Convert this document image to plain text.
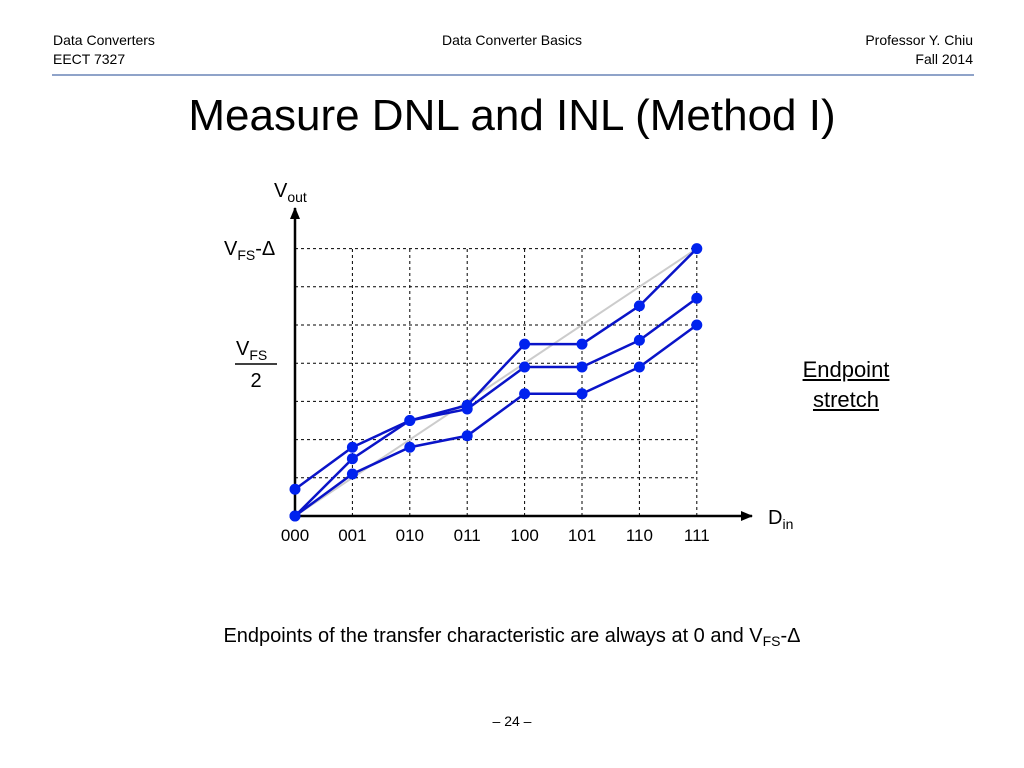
Data Converters
EECT 7327
Data Converter Basics	Professor Y. Chiu
Fall 2014
Measure DNL and INL (Method I)
000 001 010 011 100 101 110 111
$V_{out}$
$D_{in}$
$V_{FS}-\Delta$
$V_{FS}$
2	Endpoint
stretch
Endpoints of the transfer characteristic are always at 0 and $V_{FS}-\Delta$
– 24 –
